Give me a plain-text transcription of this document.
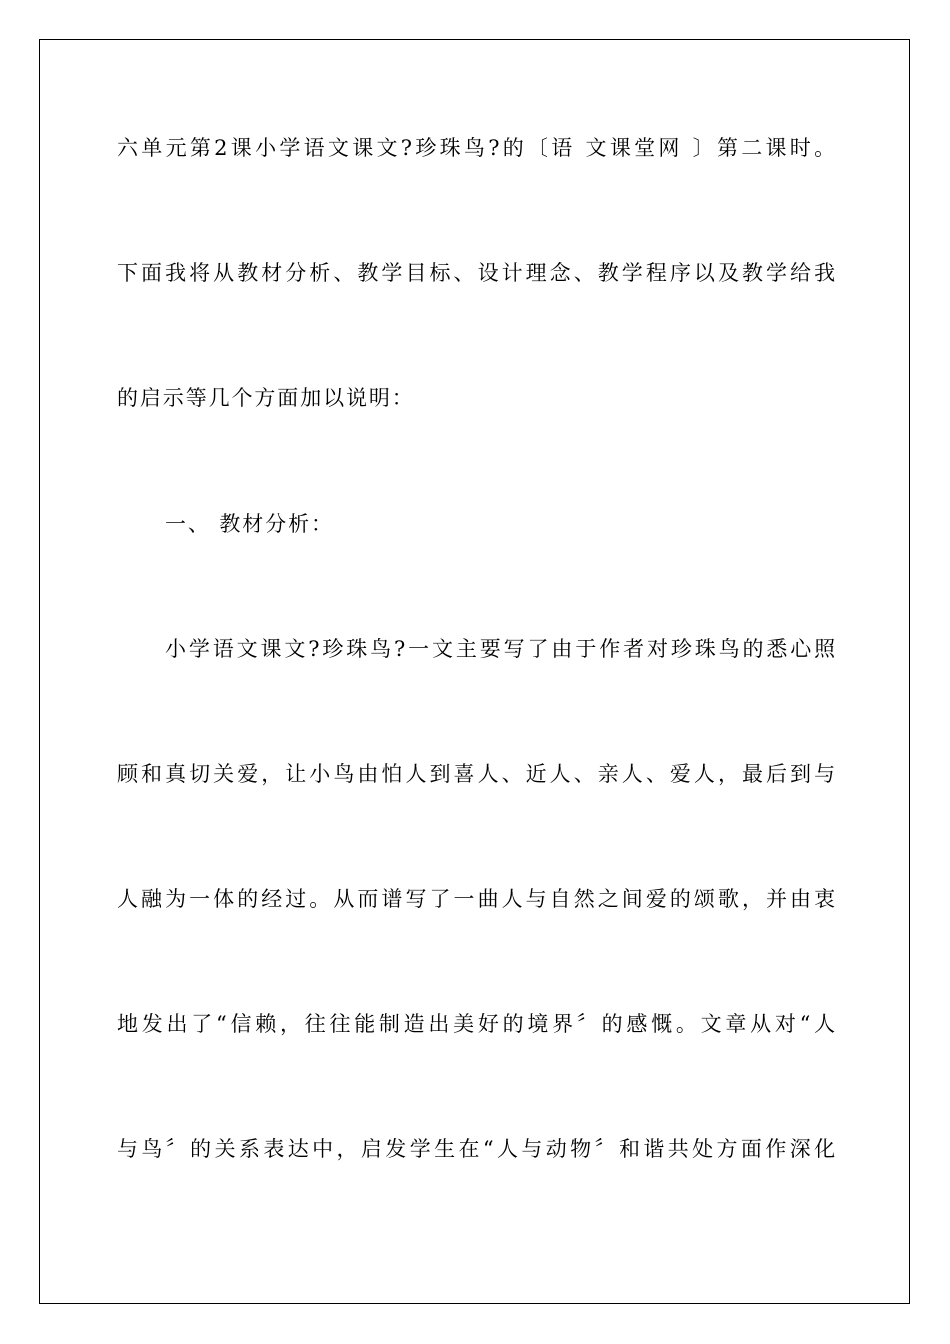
六单元第2课小学语文课文?珍珠鸟?的〔语 文课堂网 〕第二课时。
下面我将从教材分析、教学目标、设计理念、教学程序以及教学给我
的启示等几个方面加以说明：
一、 教材分析：
小学语文课文?珍珠鸟?一文主要写了由于作者对珍珠鸟的悉心照
顾和真切关爱，让小鸟由怕人到喜人、近人、亲人、爱人，最后到与
人融为一体的经过。从而谱写了一曲人与自然之间爱的颂歌，并由衷
地发出了“信赖，往往能制造出美好的境界〞的感慨。文章从对“人
与鸟〞的关系表达中，启发学生在“人与动物〞和谐共处方面作深化
